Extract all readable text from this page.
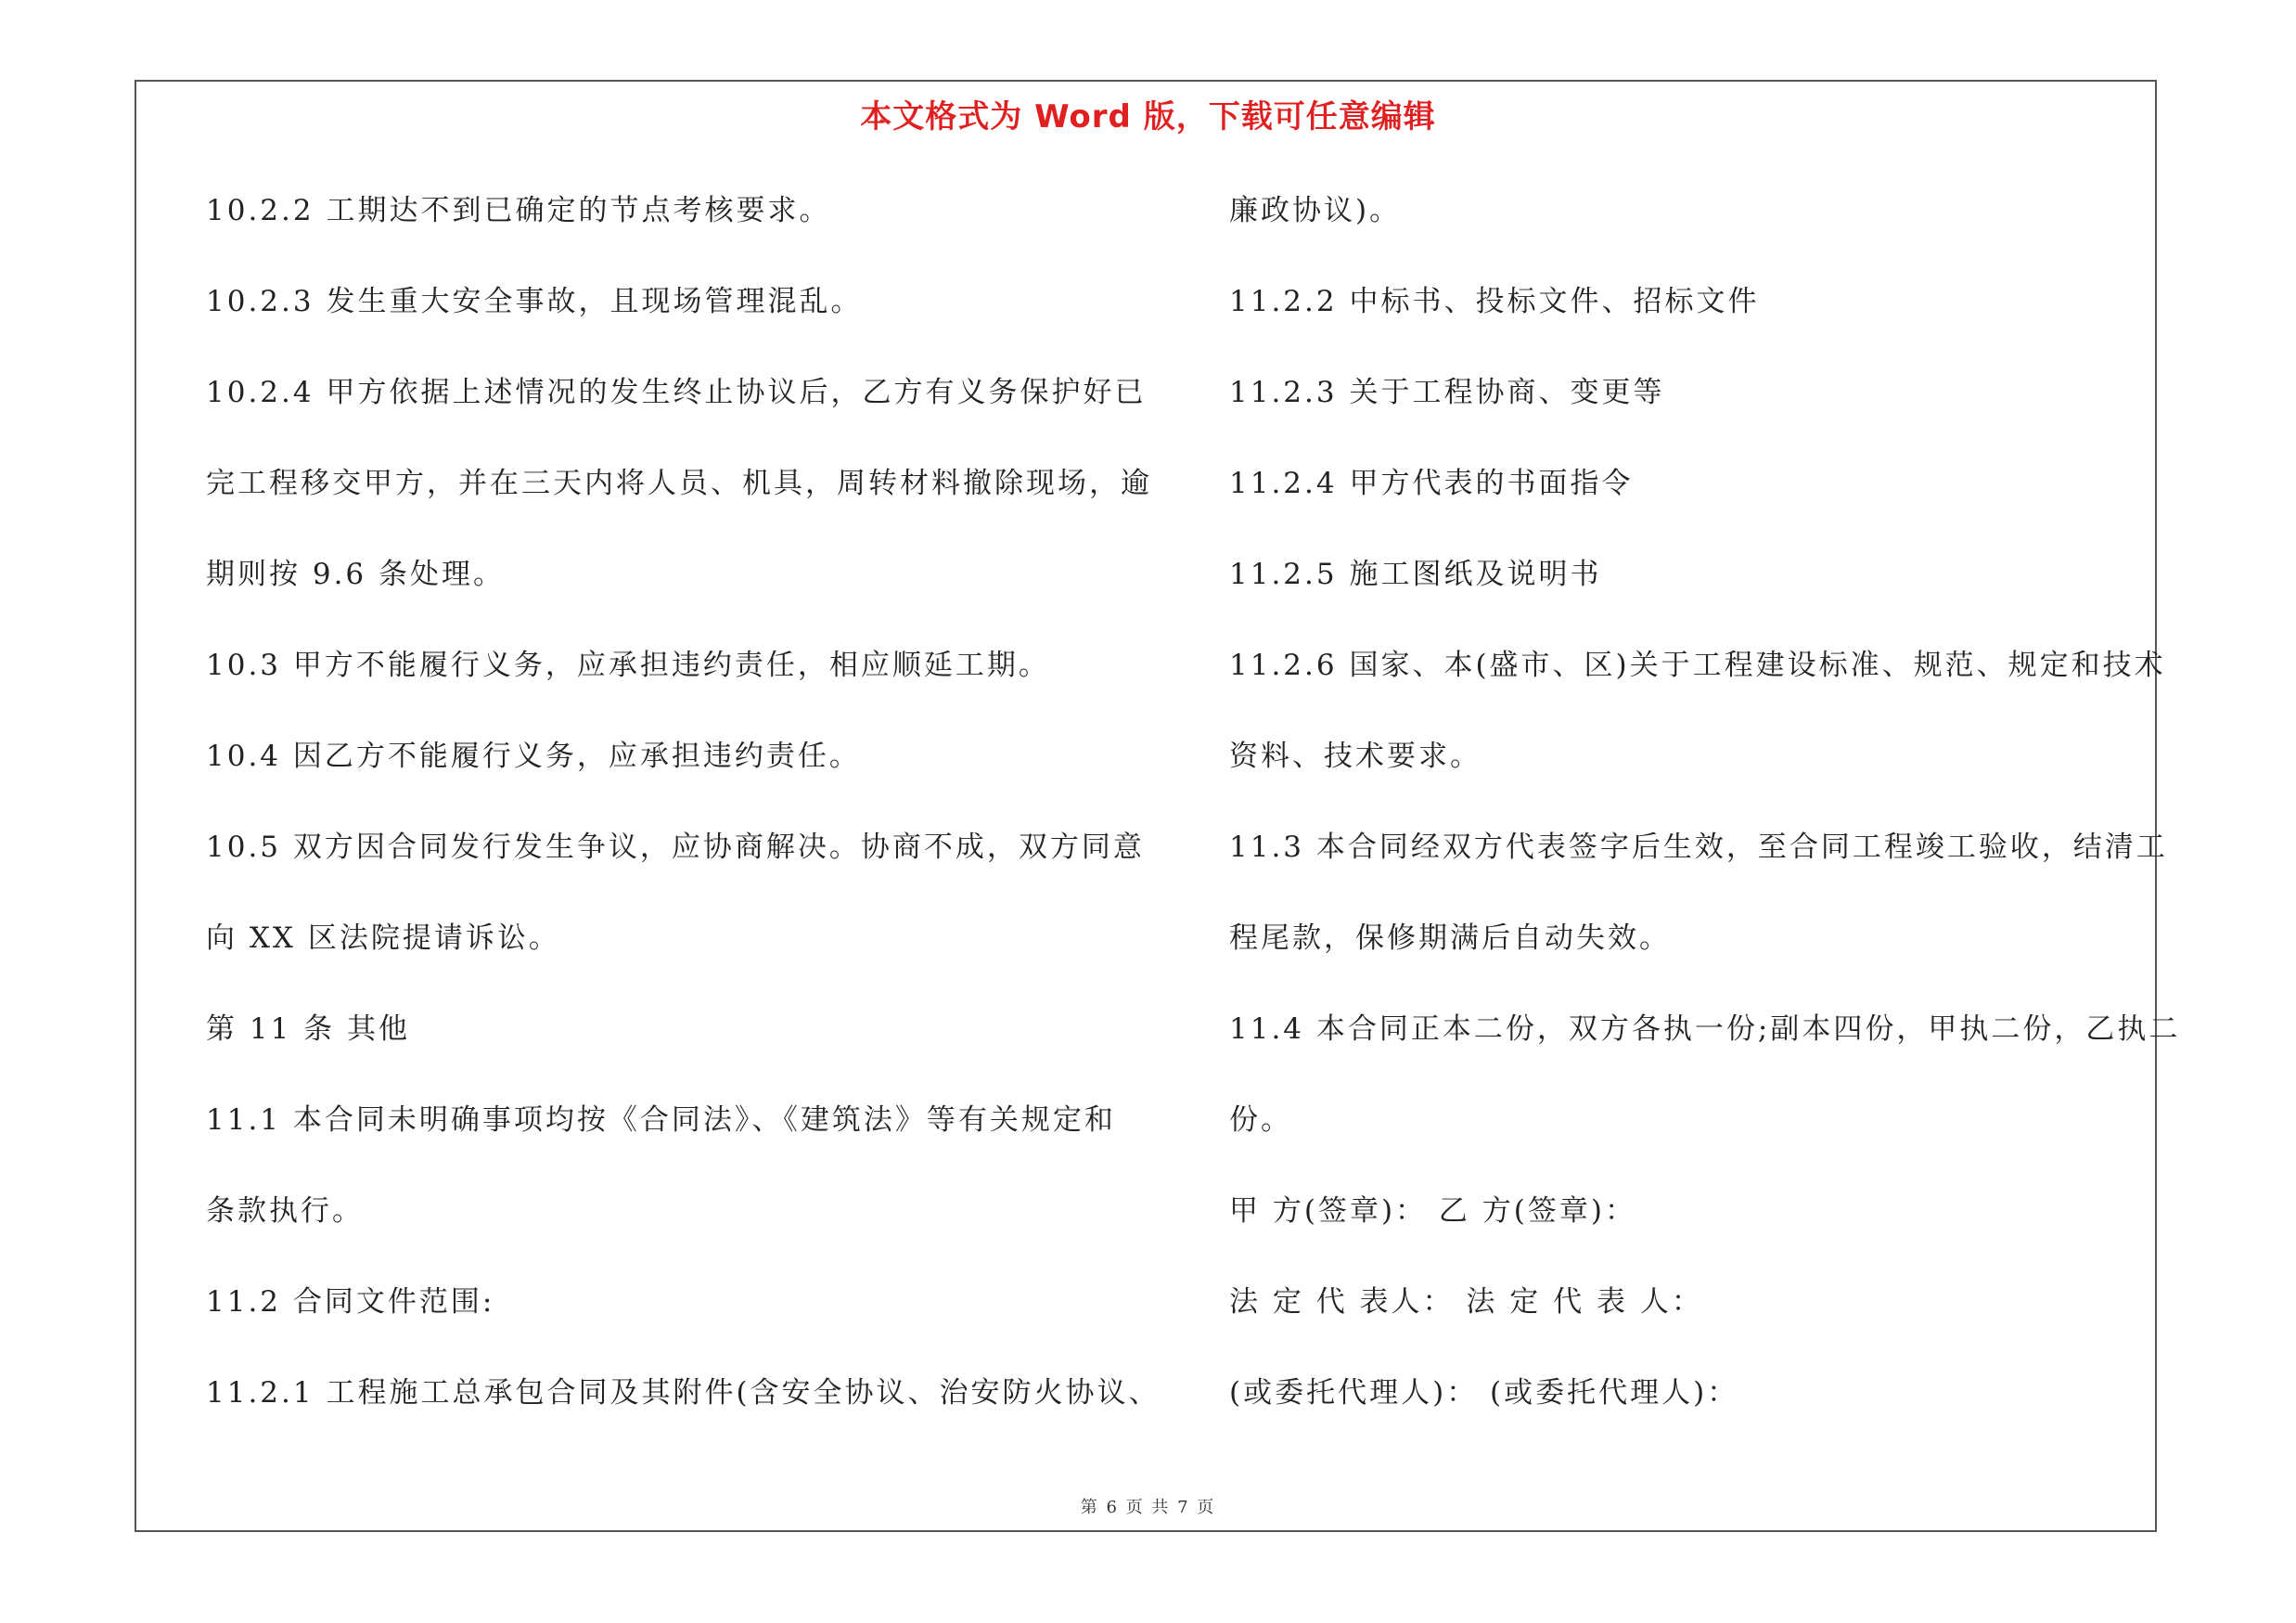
本文格式为 Word 版，下载可任意编辑
10.2.2 工期达不到已确定的节点考核要求。
10.2.3 发生重大安全事故，且现场管理混乱。
10.2.4 甲方依据上述情况的发生终止协议后，乙方有义务保护好已
完工程移交甲方，并在三天内将人员、机具，周转材料撤除现场，逾
期则按 9.6 条处理。
10.3 甲方不能履行义务，应承担违约责任，相应顺延工期。
10.4 因乙方不能履行义务，应承担违约责任。
10.5 双方因合同发行发生争议，应协商解决。协商不成，双方同意
向 XX 区法院提请诉讼。
第 11 条 其他
11.1 本合同未明确事项均按《合同法》、《建筑法》等有关规定和
条款执行。
11.2 合同文件范围:
11.2.1 工程施工总承包合同及其附件(含安全协议、治安防火协议、
廉政协议)。
11.2.2 中标书、投标文件、招标文件
11.2.3 关于工程协商、变更等
11.2.4 甲方代表的书面指令
11.2.5 施工图纸及说明书
11.2.6 国家、本(盛市、区)关于工程建设标准、规范、规定和技术
资料、技术要求。
11.3 本合同经双方代表签字后生效，至合同工程竣工验收，结清工
程尾款，保修期满后自动失效。
11.4 本合同正本二份，双方各执一份;副本四份，甲执二份，乙执二
份。
甲 方(签章)： 乙 方(签章)：
法 定 代 表人： 法 定 代 表 人：
(或委托代理人)： (或委托代理人)：
第 6 页 共 7 页
